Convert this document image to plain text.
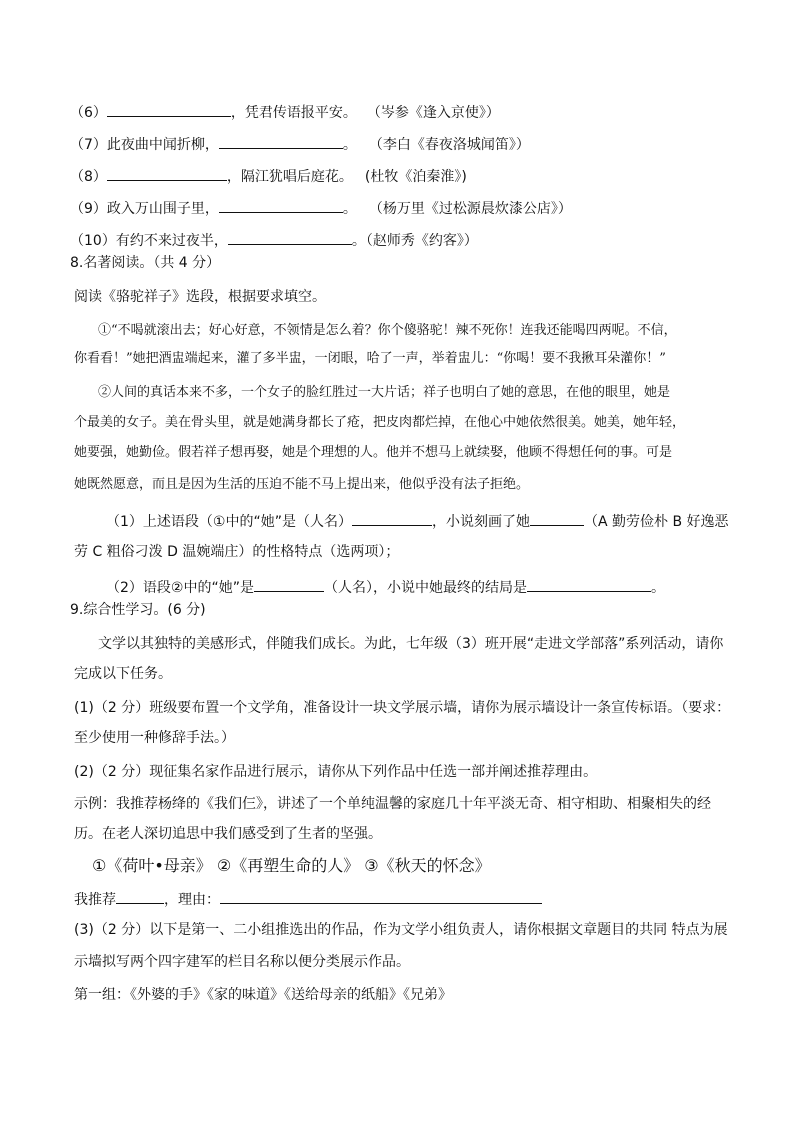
（6）	，凭君传语报平安。 （岑参《逢入京使》）
（7）此夜曲中闻折柳，	。 （李白《春夜洛城闻笛》）
（8）	，隔江犹唱后庭花。 (杜牧《泊秦淮》)
（9）政入万山围子里，	。 （杨万里《过松源晨炊漆公店》）
（10）有约不来过夜半，	。（赵师秀《约客》）
8.名著阅读。（共 4 分）
阅读《骆驼祥子》选段，根据要求填空。
①“不喝就滚出去；好心好意，不领情是怎么着？你个傻骆驼！辣不死你！连我还能喝四两呢。不信，
你看看！”她把酒盅端起来，灌了多半盅，一闭眼，哈了一声，举着盅儿：“你喝！要不我揪耳朵灌你！”
②人间的真话本来不多，一个女子的脸红胜过一大片话；祥子也明白了她的意思，在他的眼里，她是
个最美的女子。美在骨头里，就是她满身都长了疮，把皮肉都烂掉，在他心中她依然很美。她美，她年轻，
她要强，她勤俭。假若祥子想再娶，她是个理想的人。他并不想马上就续娶，他顾不得想任何的事。可是
她既然愿意，而且是因为生活的压迫不能不马上提出来，他似乎没有法子拒绝。
（1）上述语段（①中的“她”是（人名）	，小说刻画了她	（A 勤劳俭朴 B 好逸恶
劳 C 粗俗刁泼 D 温婉端庄）的性格特点（选两项）；
（2）语段②中的“她”是	（人名），小说中她最终的结局是	。
9.综合性学习。(6 分)
文学以其独特的美感形式，伴随我们成长。为此，七年级（3）班开展“走进文学部落”系列活动，请你
完成以下任务。
(1)（2 分）班级要布置一个文学角，准备设计一块文学展示墙，请你为展示墙设计一条宣传标语。（要求：
至少使用一种修辞手法。）
(2)（2 分）现征集名家作品进行展示，请你从下列作品中任选一部并阐述推荐理由。
示例：我推荐杨绛的《我们仨》，讲述了一个单纯温馨的家庭几十年平淡无奇、相守相助、相聚相失的经
历。在老人深切追思中我们感受到了生者的坚强。
①《荷叶•母亲》 ②《再塑生命的人》 ③《秋天的怀念》
我推荐	，理由：
(3)（2 分）以下是第一、二小组推选出的作品，作为文学小组负责人，请你根据文章题目的共同 特点为展
示墙拟写两个四字建军的栏目名称以便分类展示作品。
第一组：《外婆的手》《家的味道》《送给母亲的纸船》《兄弟》
